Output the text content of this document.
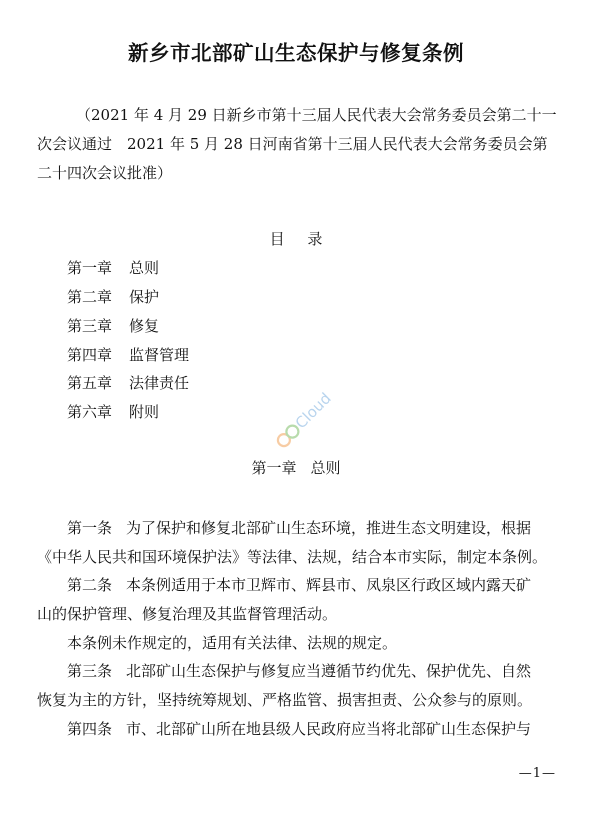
新乡市北部矿山生态保护与修复条例
（2021 年 4 月 29 日新乡市第十三届人民代表大会常务委员会第二十一
次会议通过　2021 年 5 月 28 日河南省第十三届人民代表大会常务委员会第
二十四次会议批准）
目 录
第一章 总则
第二章 保护
第三章 修复
第四章 监督管理
第五章 法律责任
第六章 附则	Cloud
第一章 总则
第一条 为了保护和修复北部矿山生态环境，推进生态文明建设，根据
《中华人民共和国环境保护法》等法律、法规，结合本市实际，制定本条例。
第二条 本条例适用于本市卫辉市、辉县市、凤泉区行政区域内露天矿
山的保护管理、修复治理及其监督管理活动。
本条例未作规定的，适用有关法律、法规的规定。
第三条 北部矿山生态保护与修复应当遵循节约优先、保护优先、自然
恢复为主的方针，坚持统筹规划、严格监管、损害担责、公众参与的原则。
第四条 市、北部矿山所在地县级人民政府应当将北部矿山生态保护与
—1—
